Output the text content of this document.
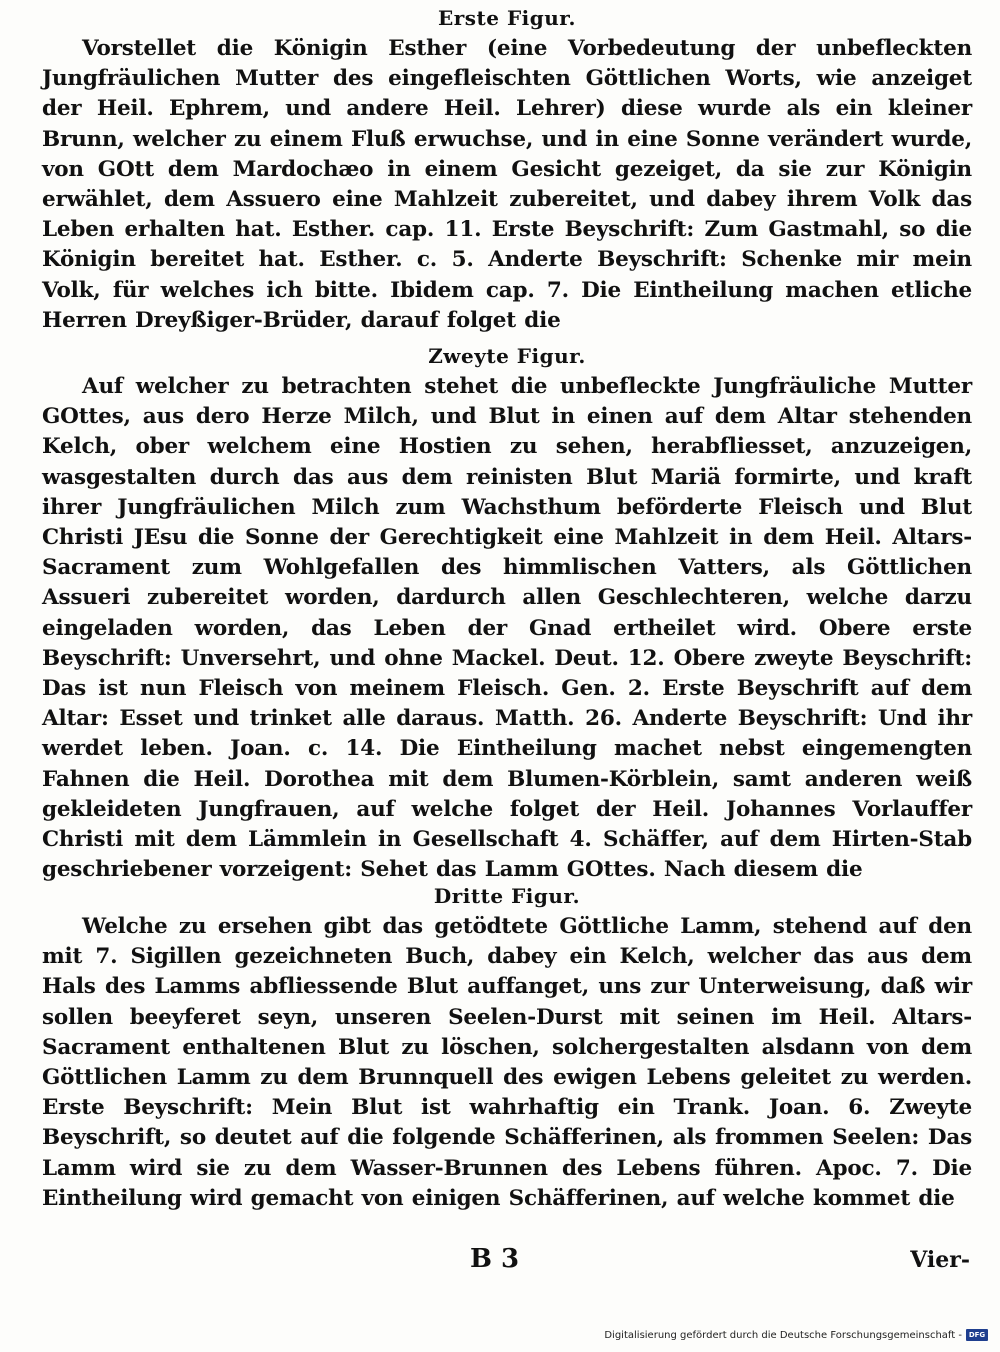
Erste Figur.

Vorstellet die Königin Esther (eine Vorbedeutung der unbefleckten Jungfräulichen Mutter des eingefleischten Göttlichen Worts, wie anzeiget der Heil. Ephrem, und andere Heil. Lehrer) diese wurde als ein kleiner Brunn, welcher zu einem Fluß erwuchse, und in eine Sonne verändert wurde, von GOtt dem Mardochæo in einem Gesicht gezeiget, da sie zur Königin erwählet, dem Assuero eine Mahlzeit zubereitet, und dabey ihrem Volk das Leben erhalten hat. Esther. cap. 11. Erste Beyschrift: Zum Gastmahl, so die Königin bereitet hat. Esther. c. 5. Anderte Beyschrift: Schenke mir mein Volk, für welches ich bitte. Ibidem cap. 7. Die Eintheilung machen etliche Herren Dreyßiger-Brüder, darauf folget die

Zweyte Figur.

Auf welcher zu betrachten stehet die unbefleckte Jungfräuliche Mutter GOttes, aus dero Herze Milch, und Blut in einen auf dem Altar stehenden Kelch, ober welchem eine Hostien zu sehen, herabfliesset, anzuzeigen, wasgestalten durch das aus dem reinisten Blut Mariä formirte, und kraft ihrer Jungfräulichen Milch zum Wachsthum beförderte Fleisch und Blut Christi JEsu die Sonne der Gerechtigkeit eine Mahlzeit in dem Heil. Altars-Sacrament zum Wohlgefallen des himmlischen Vatters, als Göttlichen Assueri zubereitet worden, dardurch allen Geschlechteren, welche darzu eingeladen worden, das Leben der Gnad ertheilet wird. Obere erste Beyschrift: Unversehrt, und ohne Mackel. Deut. 12. Obere zweyte Beyschrift: Das ist nun Fleisch von meinem Fleisch. Gen. 2. Erste Beyschrift auf dem Altar: Esset und trinket alle daraus. Matth. 26. Anderte Beyschrift: Und ihr werdet leben. Joan. c. 14. Die Eintheilung machet nebst eingemengten Fahnen die Heil. Dorothea mit dem Blumen-Körblein, samt anderen weiß gekleideten Jungfrauen, auf welche folget der Heil. Johannes Vorlauffer Christi mit dem Lämmlein in Gesellschaft 4. Schäffer, auf dem Hirten-Stab geschriebener vorzeigent: Sehet das Lamm GOttes. Nach diesem die

Dritte Figur.

Welche zu ersehen gibt das getödtete Göttliche Lamm, stehend auf den mit 7. Sigillen gezeichneten Buch, dabey ein Kelch, welcher das aus dem Hals des Lamms abfliessende Blut auffanget, uns zur Unterweisung, daß wir sollen beeyferet seyn, unseren Seelen-Durst mit seinen im Heil. Altars-Sacrament enthaltenen Blut zu löschen, solchergestalten alsdann von dem Göttlichen Lamm zu dem Brunnquell des ewigen Lebens geleitet zu werden. Erste Beyschrift: Mein Blut ist wahrhaftig ein Trank. Joan. 6. Zweyte Beyschrift, so deutet auf die folgende Schäfferinen, als frommen Seelen: Das Lamm wird sie zu dem Wasser-Brunnen des Lebens führen. Apoc. 7. Die Eintheilung wird gemacht von einigen Schäfferinen, auf welche kommet die

B 3	Vier-
Digitalisierung gefördert durch die Deutsche Forschungsgemeinschaft - DFG
